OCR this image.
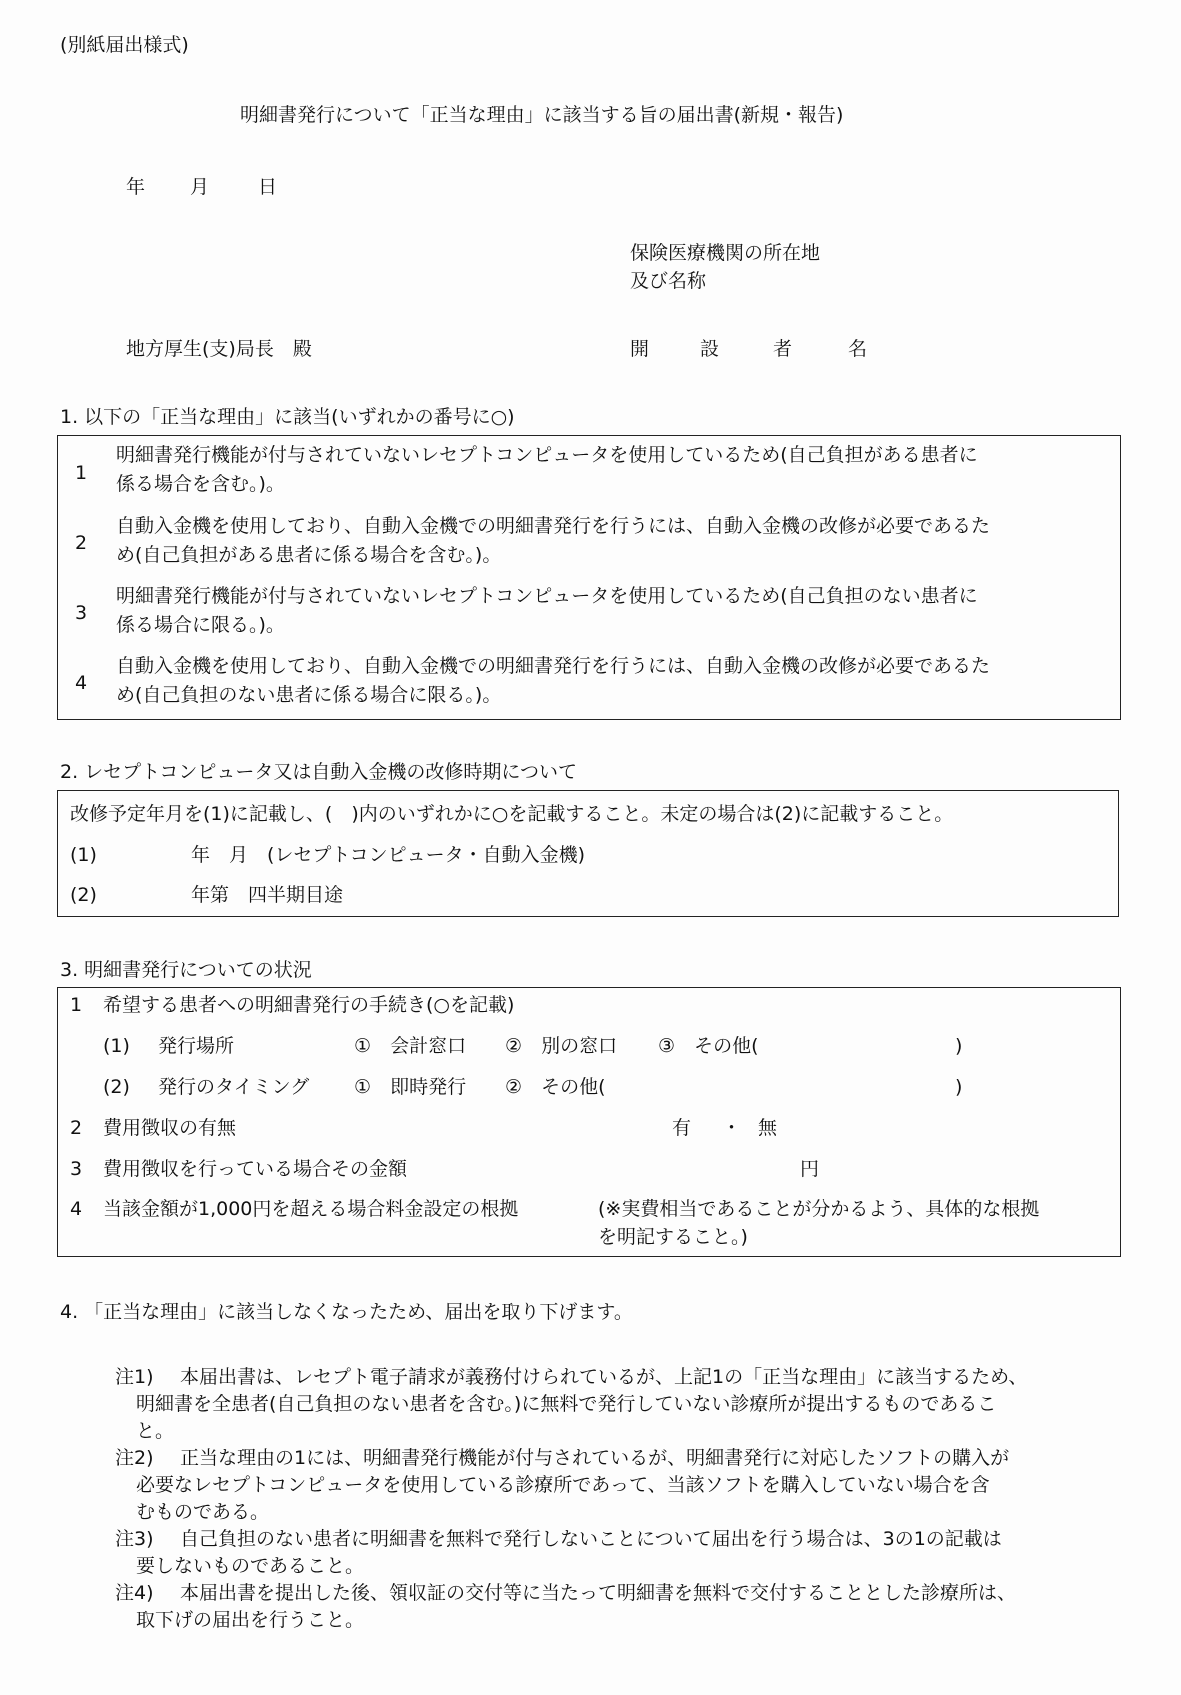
(別紙届出様式)
明細書発行について「正当な理由」に該当する旨の届出書(新規・報告)
年 月	日
保険医療機関の所在地
及び名称
地方厚生(支)局長　殿	開	設	者	名
1. 以下の「正当な理由」に該当(いずれかの番号に○)
1
明細書発行機能が付与されていないレセプトコンピュータを使用しているため(自己負担がある患者に
係る場合を含む。)。
2
自動入金機を使用しており、自動入金機での明細書発行を行うには、自動入金機の改修が必要であるた
め(自己負担がある患者に係る場合を含む。)。
3
明細書発行機能が付与されていないレセプトコンピュータを使用しているため(自己負担のない患者に
係る場合に限る。)。
4
自動入金機を使用しており、自動入金機での明細書発行を行うには、自動入金機の改修が必要であるた
め(自己負担のない患者に係る場合に限る。)。
2. レセプトコンピュータ又は自動入金機の改修時期について
改修予定年月を(1)に記載し、(　)内のいずれかに○を記載すること。未定の場合は(2)に記載すること。
(1)	年　月　(レセプトコンピュータ・自動入金機)
(2)	年第　四半期目途
3. 明細書発行についての状況
1 希望する患者への明細書発行の手続き(○を記載)
(1) 発行場所	①　 会計窓口 ②　 別の窓口 ③　 その他(	)
(2) 発行のタイミング ①　 即時発行 ②　 その他(	)
2 費用徴収の有無	有 ・ 無
3 費用徴収を行っている場合その金額	円
4 当該金額が1,000円を超える場合料金設定の根拠	(※実費相当であることが分かるよう、具体的な根拠
を明記すること。)
4. 「正当な理由」に該当しなくなったため、届出を取り下げます。
注1) 本届出書は、レセプト電子請求が義務付けられているが、上記1の「正当な理由」に該当するため、
明細書を全患者(自己負担のない患者を含む。)に無料で発行していない診療所が提出するものであるこ
と。
注2) 正当な理由の1には、明細書発行機能が付与されているが、明細書発行に対応したソフトの購入が
必要なレセプトコンピュータを使用している診療所であって、当該ソフトを購入していない場合を含
むものである。
注3) 自己負担のない患者に明細書を無料で発行しないことについて届出を行う場合は、3の1の記載は
要しないものであること。
注4) 本届出書を提出した後、領収証の交付等に当たって明細書を無料で交付することとした診療所は、
取下げの届出を行うこと。
